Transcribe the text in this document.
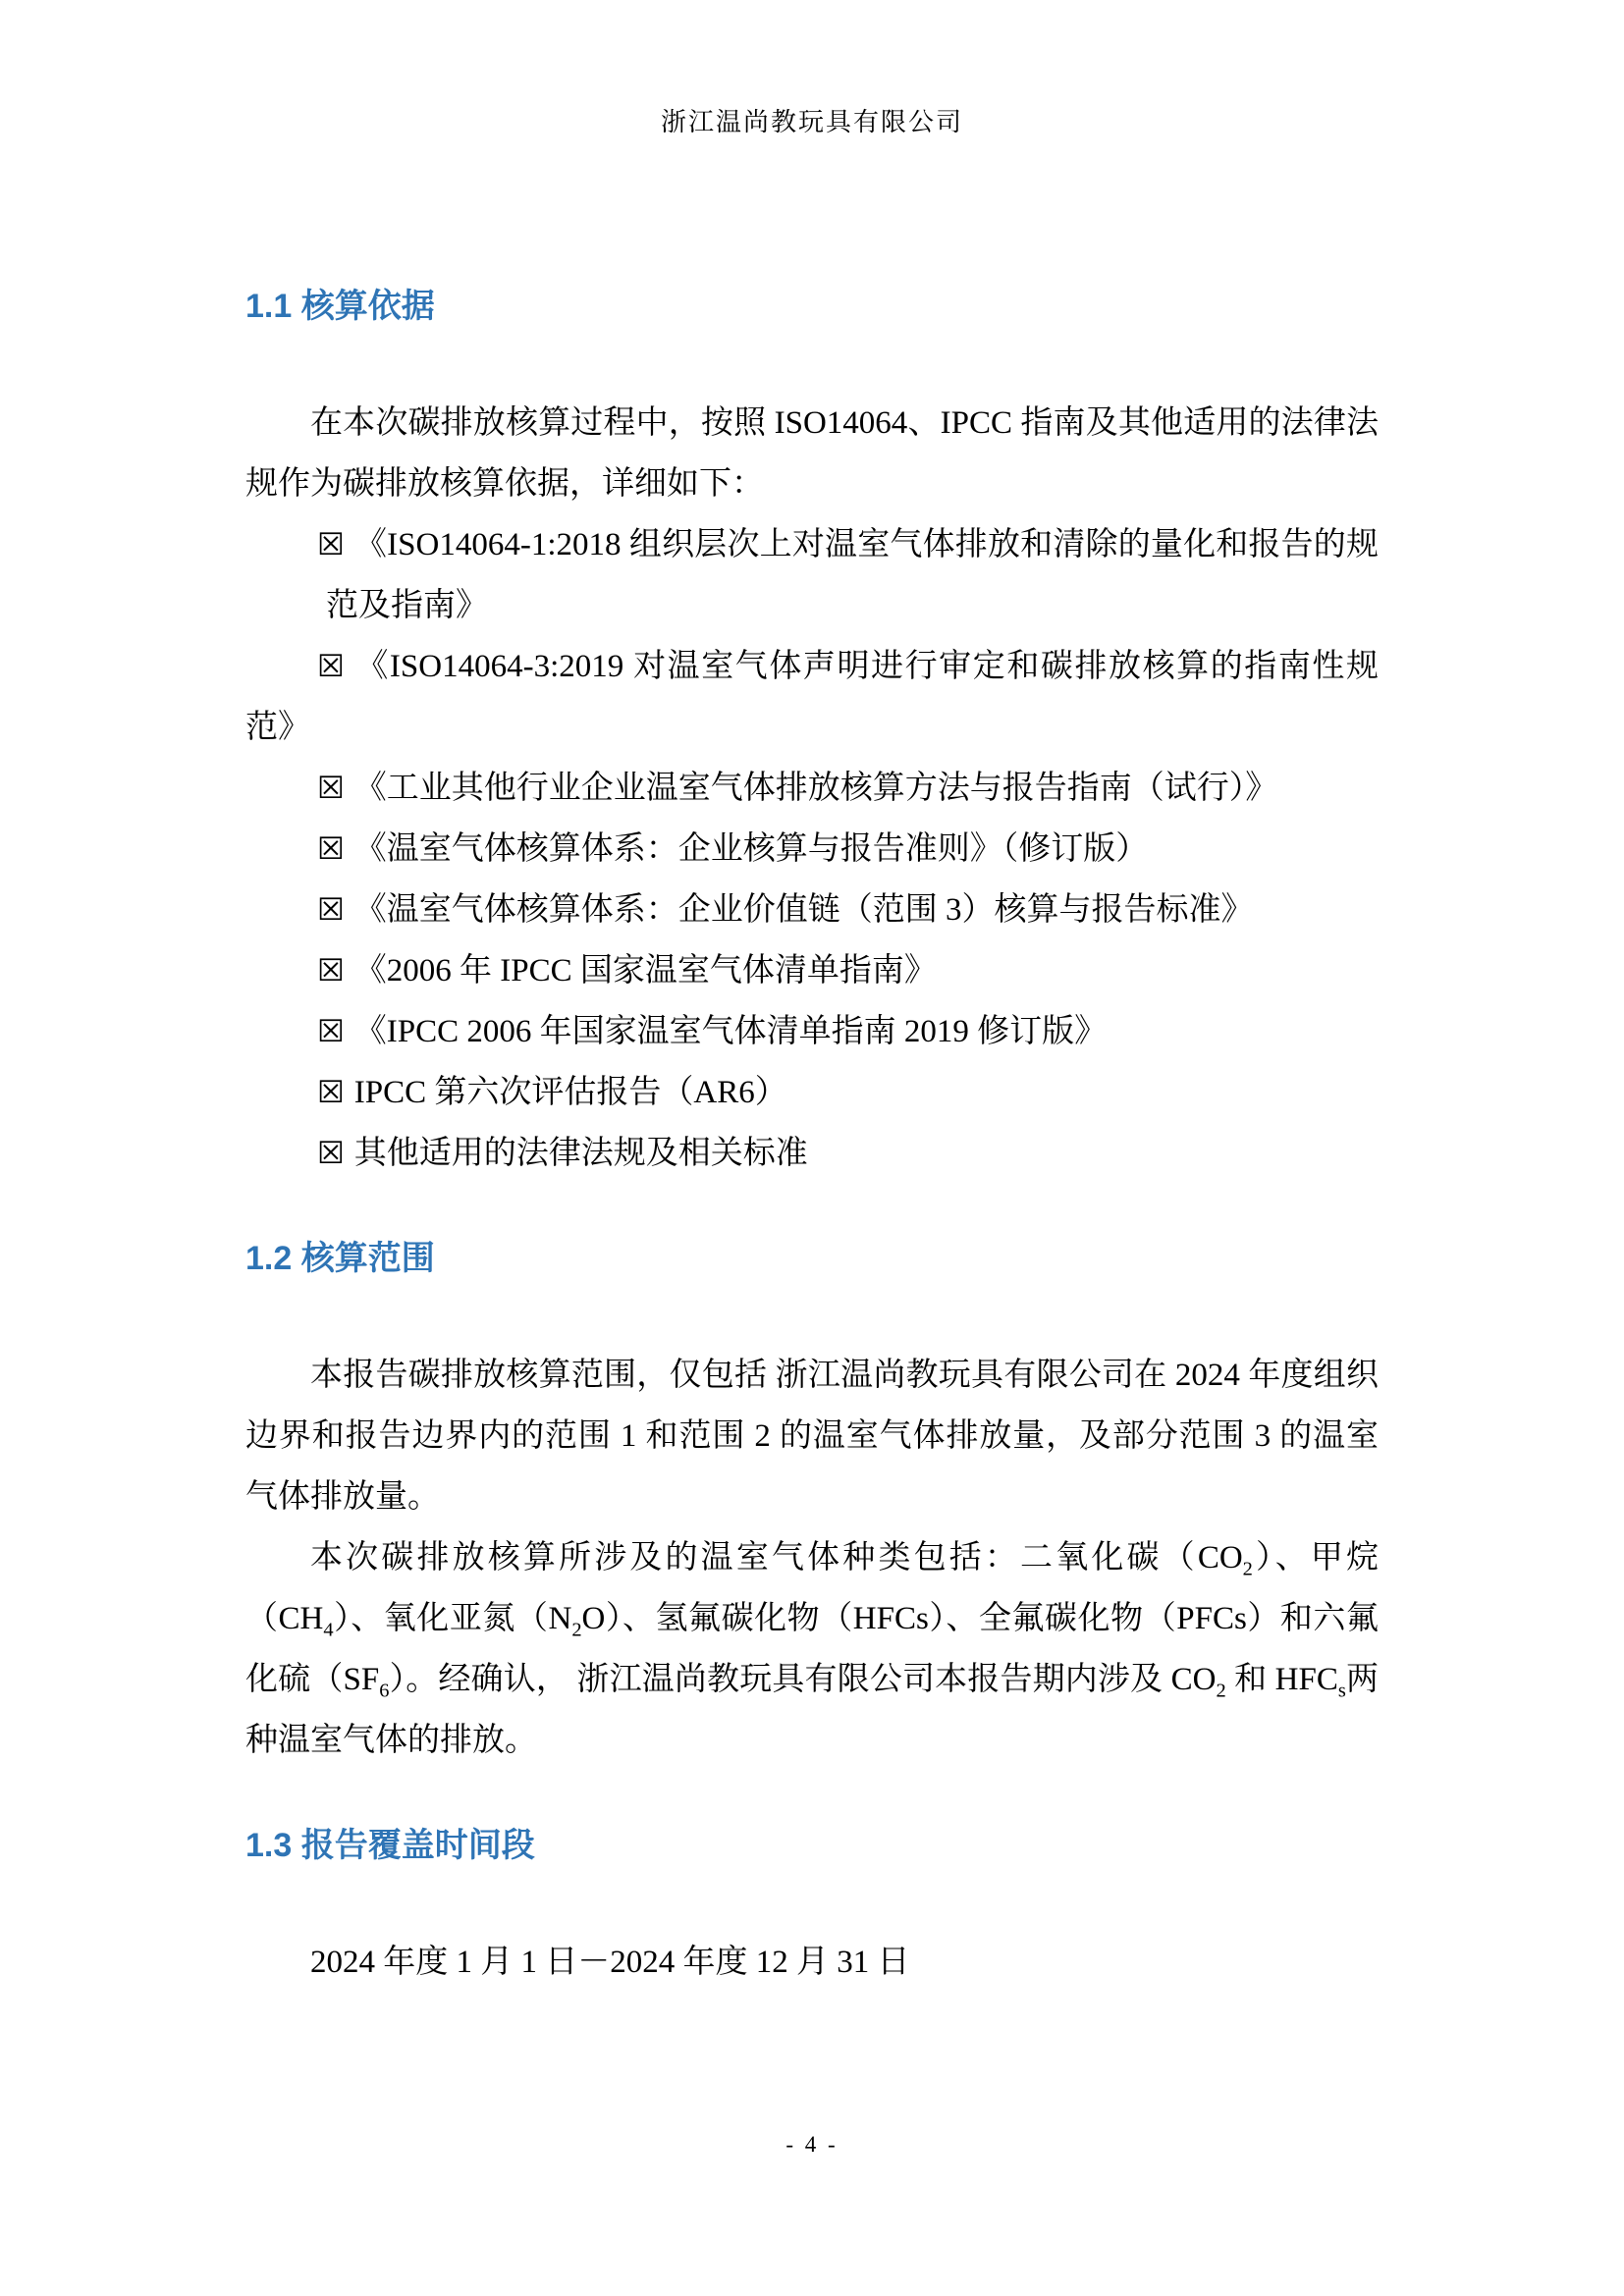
浙江温尚教玩具有限公司
1.1 核算依据

在本次碳排放核算过程中，按照 ISO14064、IPCC 指南及其他适用的法律法规作为碳排放核算依据，详细如下：

☒ 《ISO14064-1:2018 组织层次上对温室气体排放和清除的量化和报告的规范及指南》
☒ 《ISO14064-3:2019 对温室气体声明进行审定和碳排放核算的指南性规范》
☒ 《工业其他行业企业温室气体排放核算方法与报告指南（试行）》
☒ 《温室气体核算体系：企业核算与报告准则》（修订版）
☒ 《温室气体核算体系：企业价值链（范围 3）核算与报告标准》
☒ 《2006 年 IPCC 国家温室气体清单指南》
☒ 《IPCC 2006 年国家温室气体清单指南 2019 修订版》
☒ IPCC 第六次评估报告（AR6）
☒ 其他适用的法律法规及相关标准
1.2 核算范围

本报告碳排放核算范围，仅包括 浙江温尚教玩具有限公司在 2024 年度组织边界和报告边界内的范围 1 和范围 2 的温室气体排放量，及部分范围 3 的温室气体排放量。

本次碳排放核算所涉及的温室气体种类包括：二氧化碳$(CO_2)$、甲烷$(CH_4)$、氧化亚氮$(N_2O)$、氢氟碳化物（HFCs）、全氟碳化物（PFCs）和六氟化硫$(SF_6)$。经确认， 浙江温尚教玩具有限公司本报告期内涉及 $CO_2$ 和 $HFC_s$两种温室气体的排放。

1.3 报告覆盖时间段

2024 年度 1 月 1 日－2024 年度 12 月 31 日

- 4 -
